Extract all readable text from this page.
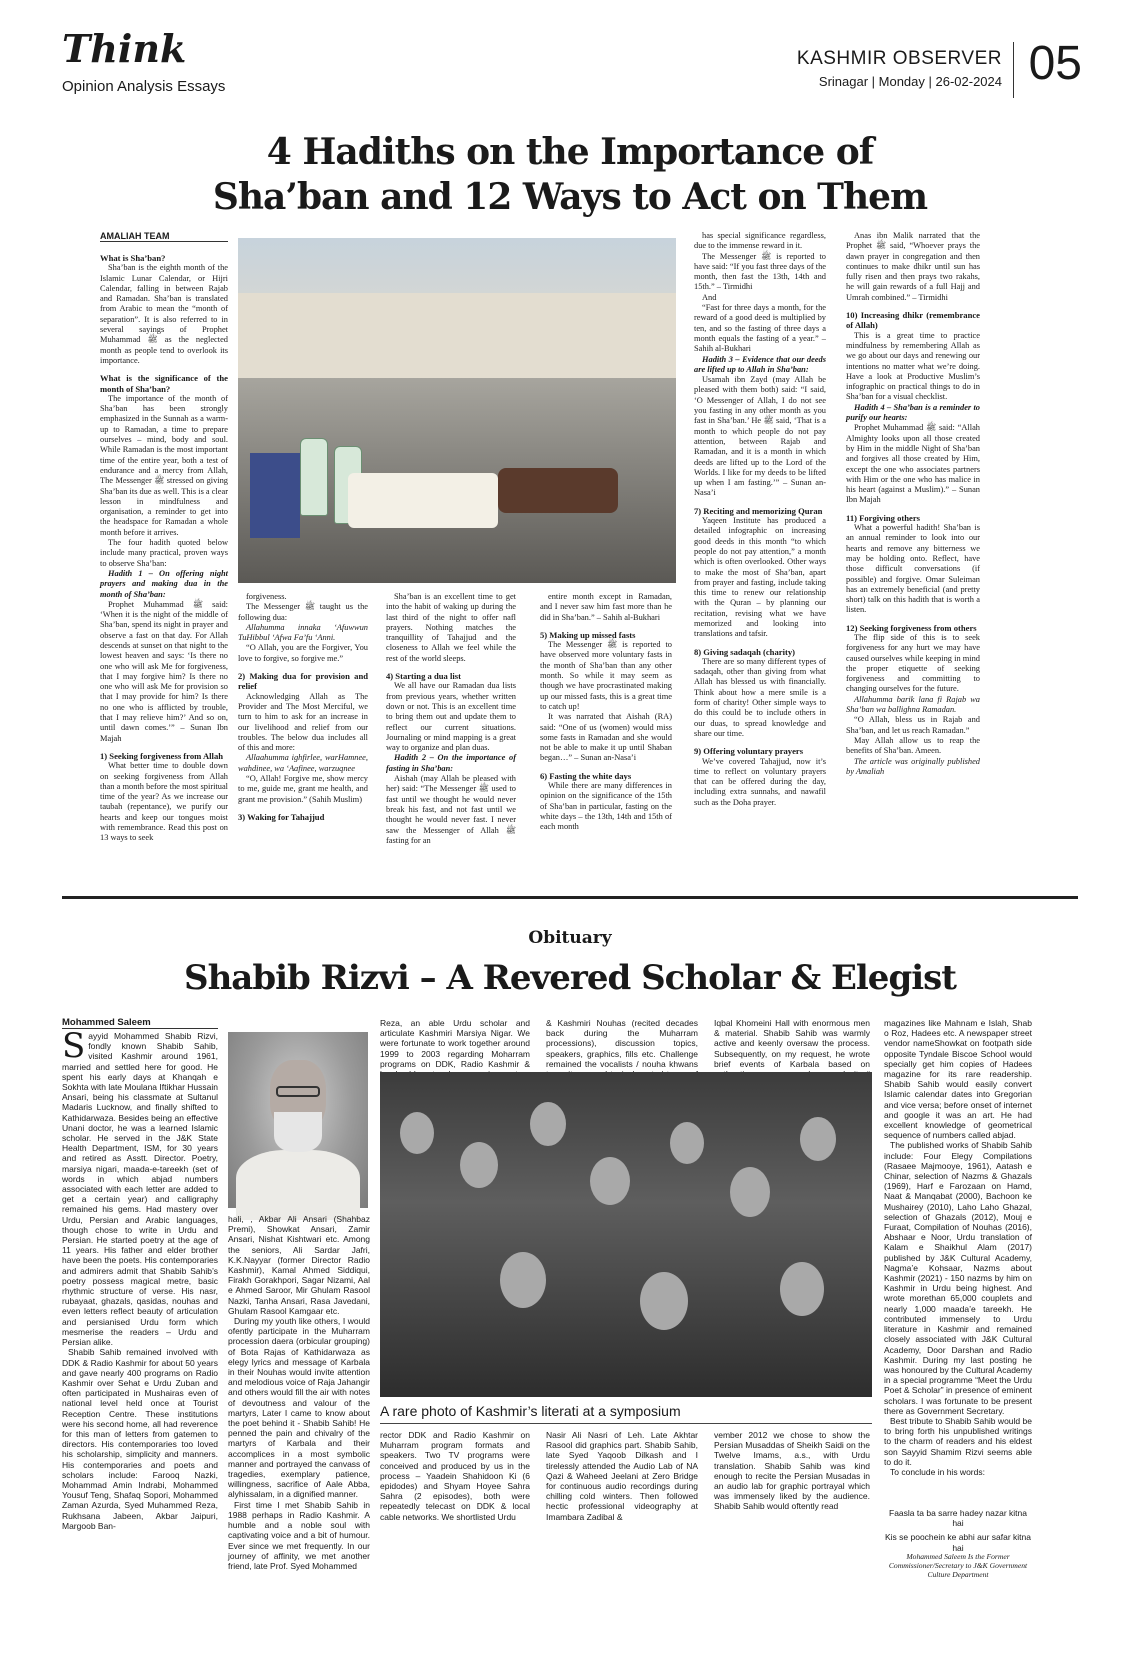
Think
Opinion Analysis Essays
KASHMIR OBSERVER
Srinagar | Monday | 26-02-2024 05
4 Hadiths on the Importance of
Sha’ban and 12 Ways to Act on Them
AMALIAH TEAM
What is Sha’ban?

Sha’ban is the eighth month of the Islamic Lunar Calendar, or Hijri Calendar, falling in between Rajab and Ramadan. Sha’ban is translated from Arabic to mean the “month of separation”. It is also referred to in several sayings of Prophet Muhammad ﷺ as the neglected month as people tend to overlook its importance.

What is the significance of the month of Sha’ban?

The importance of the month of Sha’ban has been strongly emphasized in the Sunnah as a warm-up to Ramadan, a time to prepare ourselves – mind, body and soul. While Ramadan is the most important time of the entire year, both a test of endurance and a mercy from Allah, The Messenger ﷺ stressed on giving Sha’ban its due as well. This is a clear lesson in mindfulness and organisation, a reminder to get into the headspace for Ramadan a whole month before it arrives.

The four hadith quoted below include many practical, proven ways to observe Sha’ban:

Hadith 1 – On offering night prayers and making dua in the month of Sha’ban:

Prophet Muhammad ﷺ said: ‘When it is the night of the middle of Sha’ban, spend its night in prayer and observe a fast on that day. For Allah descends at sunset on that night to the lowest heaven and says: ‘Is there no one who will ask Me for forgiveness, that I may forgive him? Is there no one who will ask Me for provision so that I may provide for him? Is there no one who is afflicted by trouble, that I may relieve him?’ And so on, until dawn comes.’” – Sunan Ibn Majah

1) Seeking forgiveness from Allah

What better time to double down on seeking forgiveness from Allah than a month before the most spiritual time of the year? As we increase our taubah (repentance), we purify our hearts and keep our tongues moist with remembrance. Read this post on 13 ways to seek

forgiveness.

The Messenger ﷺ taught us the following dua:

Allahumma innaka ‘Afuwwun TuHibbul ‘Afwa Fa’fu ‘Anni.

“O Allah, you are the Forgiver, You love to forgive, so forgive me.”

2) Making dua for provision and relief

Acknowledging Allah as The Provider and The Most Merciful, we turn to him to ask for an increase in our livelihood and relief from our troubles. The below dua includes all of this and more:

Allaahumma ighfirlee, warHamnee, wahdinee, wa ‘Aafinee, warzuqnee

“O, Allah! Forgive me, show mercy to me, guide me, grant me health, and grant me provision.” (Sahih Muslim)

3) Waking for Tahajjud

Sha’ban is an excellent time to get into the habit of waking up during the last third of the night to offer nafl prayers. Nothing matches the tranquillity of Tahajjud and the closeness to Allah we feel while the rest of the world sleeps.

4) Starting a dua list

We all have our Ramadan dua lists from previous years, whether written down or not. This is an excellent time to bring them out and update them to reflect our current situations. Journaling or mind mapping is a great way to organize and plan duas.

Hadith 2 – On the importance of fasting in Sha’ban:

Aishah (may Allah be pleased with her) said: “The Messenger ﷺ used to fast until we thought he would never break his fast, and not fast until we thought he would never fast. I never saw the Messenger of Allah ﷺ fasting for an

entire month except in Ramadan, and I never saw him fast more than he did in Sha’ban.” – Sahih al-Bukhari

5) Making up missed fasts

The Messenger ﷺ is reported to have observed more voluntary fasts in the month of Sha’ban than any other month. So while it may seem as though we have procrastinated making up our missed fasts, this is a great time to catch up!

It was narrated that Aishah (RA) said: “One of us (women) would miss some fasts in Ramadan and she would not be able to make it up until Shaban began…” – Sunan an-Nasa’i

6) Fasting the white days

While there are many differences in opinion on the significance of the 15th of Sha’ban in particular, fasting on the white days – the 13th, 14th and 15th of each month

has special significance regardless, due to the immense reward in it.

The Messenger ﷺ is reported to have said: “If you fast three days of the month, then fast the 13th, 14th and 15th.” – Tirmidhi

And

“Fast for three days a month, for the reward of a good deed is multiplied by ten, and so the fasting of three days a month equals the fasting of a year.” – Sahih al-Bukhari

Hadith 3 – Evidence that our deeds are lifted up to Allah in Sha’ban:

Usamah ibn Zayd (may Allah be pleased with them both) said: “I said, ‘O Messenger of Allah, I do not see you fasting in any other month as you fast in Sha’ban.’ He ﷺ said, ‘That is a month to which people do not pay attention, between Rajab and Ramadan, and it is a month in which deeds are lifted up to the Lord of the Worlds. I like for my deeds to be lifted up when I am fasting.’” – Sunan an-Nasa’i

7) Reciting and memorizing Quran

Yaqeen Institute has produced a detailed infographic on increasing good deeds in this month “to which people do not pay attention,” a month which is often overlooked. Other ways to make the most of Sha’ban, apart from prayer and fasting, include taking this time to renew our relationship with the Quran – by planning our recitation, revising what we have memorized and looking into translations and tafsir.

8) Giving sadaqah (charity)

There are so many different types of sadaqah, other than giving from what Allah has blessed us with financially. Think about how a mere smile is a form of charity! Other simple ways to do this could be to include others in our duas, to spread knowledge and share our time.

9) Offering voluntary prayers

We’ve covered Tahajjud, now it’s time to reflect on voluntary prayers that can be offered during the day, including extra sunnahs, and nawafil such as the Doha prayer.

Anas ibn Malik narrated that the Prophet ﷺ said, “Whoever prays the dawn prayer in congregation and then continues to make dhikr until sun has fully risen and then prays two rakahs, he will gain rewards of a full Hajj and Umrah combined.” – Tirmidhi

10) Increasing dhikr (remembrance of Allah)

This is a great time to practice mindfulness by remembering Allah as we go about our days and renewing our intentions no matter what we’re doing. Have a look at Productive Muslim’s infographic on practical things to do in Sha’ban for a visual checklist.

Hadith 4 – Sha’ban is a reminder to purify our hearts:

Prophet Muhammad ﷺ said: “Allah Almighty looks upon all those created by Him in the middle Night of Sha’ban and forgives all those created by Him, except the one who associates partners with Him or the one who has malice in his heart (against a Muslim).” – Sunan Ibn Majah

11) Forgiving others

What a powerful hadith! Sha’ban is an annual reminder to look into our hearts and remove any bitterness we may be holding onto. Reflect, have those difficult conversations (if possible) and forgive. Omar Suleiman has an extremely beneficial (and pretty short) talk on this hadith that is worth a listen.

12) Seeking forgiveness from others

The flip side of this is to seek forgiveness for any hurt we may have caused ourselves while keeping in mind the proper etiquette of seeking forgiveness and committing to changing ourselves for the future.

Allahumma barik lana fi Rajab wa Sha’ban wa ballighna Ramadan.

“O Allah, bless us in Rajab and Sha’ban, and let us reach Ramadan.”

May Allah allow us to reap the benefits of Sha’ban. Ameen.

The article was originally published by Amaliah

Obituary
Shabib Rizvi – A Revered Scholar & Elegist
Mohammed Saleem
S ayyid Mohammed Shabib Rizvi, fondly known Shabib Sahib, visited Kashmir around 1961, married and settled here for good. He spent his early days at Khanqah e Sokhta with late Moulana Iftikhar Hussain Ansari, being his classmate at Sultanul Madaris Lucknow, and finally shifted to Kathidarwaza. Besides being an effective Unani doctor, he was a learned Islamic scholar. He served in the J&K State Health Department, ISM, for 30 years and retired as Asstt. Director. Poetry, marsiya nigari, maada-e-tareekh (set of words in which abjad numbers associated with each letter are added to get a certain year) and calligraphy remained his gems. Had mastery over Urdu, Persian and Arabic languages, though chose to write in Urdu and Persian. He started poetry at the age of 11 years. His father and elder brother have been the poets. His contemporaries and admirers admit that Shabib Sahib’s poetry possess magical metre, basic rhythmic structure of verse. His nasr, rubayaat, ghazals, qasidas, nouhas and even letters reflect beauty of articulation and persianised Urdu form which mesmerise the readers – Urdu and Persian alike.

Shabib Sahib remained involved with DDK & Radio Kashmir for about 50 years and gave nearly 400 programs on Radio Kashmir over Sehat e Urdu Zuban and often participated in Mushairas even of national level held once at Tourist Reception Centre. These institutions were his second home, all had reverence for this man of letters from gatemen to directors. His contemporaries too loved his scholarship, simplicity and manners. His contemporaries and poets and scholars include: Farooq Nazki, Mohammad Amin Indrabi, Mohammed Yousuf Teng, Shafaq Sopori, Mohammed Zaman Azurda, Syed Muhammed Reza, Rukhsana Jabeen, Akbar Jaipuri, Margoob Ban-

hali, , Akbar Ali Ansari (Shahbaz Premi), Showkat Ansari, Zamir Ansari, Nishat Kishtwari etc. Among the seniors, Ali Sardar Jafri, K.K.Nayyar (former Director Radio Kashmir), Kamal Ahmed Siddiqui, Firakh Gorakhpori, Sagar Nizami, Aal e Ahmed Saroor, Mir Ghulam Rasool Nazki, Tanha Ansari, Rasa Javedani, Ghulam Rasool Kamgaar etc.

During my youth like others, I would ofently participate in the Muharram procession daera (orbicular grouping) of Bota Rajas of Kathidarwaza as elegy lyrics and message of Karbala in their Nouhas would invite attention and melodious voice of Raja Jahangir and others would fill the air with notes of devoutness and valour of the martyrs, Later I came to know about the poet behind it - Shabib Sahib! He penned the pain and chivalry of the martyrs of Karbala and their accomplices in a most symbolic manner and portrayed the canvass of tragedies, exemplary patience, willingness, sacrifice of Aale Abba, alyhissalam, in a dignified manner.

First time I met Shabib Sahib in 1988 perhaps in Radio Kashmir. A humble and a noble soul with captivating voice and a bit of humour. Ever since we met frequently. In our journey of affinity, we met another friend, late Prof. Syed Mohammed

Reza, an able Urdu scholar and articulate Kashmiri Marsiya Nigar. We were fortunate to work together around 1999 to 2003 regarding Moharram programs on DDK, Radio Kashmir &

& Kashmiri Nouhas (recited decades back during the Muharram processions), discussion topics, speakers, graphics, fills etc. Challenge remained the vocalists / nouha khwans

Iqbal Khomeini Hall with enormous men & material. Shabib Sahib was warmly active and keenly oversaw the process. Subsequently, on my request, he wrote brief events of Karbala based on

A rare photo of Kashmir’s literati at a symposium

rector DDK and Radio Kashmir on Muharram program formats and speakers. Two TV programs were conceived and produced by us in the process – Yaadein Shahidoon Ki (6 epidodes) and Shyam Hoyee Sahra Sahra (2 episodes), both were repeatedly telecast on DDK & local cable networks. We shortlisted Urdu

Nasir Ali Nasri of Leh. Late Akhtar Rasool did graphics part. Shabib Sahib, late Syed Yaqoob Dilkash and I tirelessly attended the Audio Lab of NA Qazi & Waheed Jeelani at Zero Bridge for continuous audio recordings during chilling cold winters. Then followed hectic professional videography at Imambara Zadibal &

vember 2012 we chose to show the Persian Musaddas of Sheikh Saidi on the Twelve Imams, a.s., with Urdu translation. Shabib Sahib was kind enough to recite the Persian Musadas in an audio lab for graphic portrayal which was immensely liked by the audience. Shabib Sahib would oftently read

magazines like Mahnam e Islah, Shab o Roz, Hadees etc. A newspaper street vendor nameShowkat on footpath side opposite Tyndale Biscoe School would specially get him copies of Hadees magazine for its rare readership. Shabib Sahib would easily convert Islamic calendar dates into Gregorian and vice versa; before onset of internet and google it was an art. He had excellent knowledge of geometrical sequence of numbers called abjad.

The published works of Shabib Sahib include: Four Elegy Compilations (Rasaee Majmooye, 1961), Aatash e Chinar, selection of Nazms & Ghazals (1969), Harf e Farozaan on Hamd, Naat & Manqabat (2000), Bachoon ke Mushairey (2010), Laho Laho Ghazal, selection of Ghazals (2012), Mouj e Furaat, Compilation of Nouhas (2016), Abshaar e Noor, Urdu translation of Kalam e Shaikhul Alam (2017) published by J&K Cultural Academy, Nagma’e Kohsaar, Nazms about Kashmir (2021) - 150 nazms by him on Kashmir in Urdu being highest. And wrote morethan 65,000 couplets and nearly 1,000 maada’e tareekh. He contributed immensely to Urdu literature in Kashmir and remained closely associated with J&K Cultural Academy, Door Darshan and Radio Kashmir. During my last posting he was honoured by the Cultural Academy in a special programme “Meet the Urdu Poet & Scholar” in presence of eminent scholars. I was fortunate to be present there as Government Secretary.

Best tribute to Shabib Sahib would be to bring forth his unpublished writings to the charm of readers and his eldest son Sayyid Shamim Rizvi seems able to do it.

To conclude in his words:

Faasla ta ba sarre hadey nazar kitna hai
Kis se poochein ke abhi aur safar kitna hai
Mohammed Saleem Is the Former Commissioner/Secretary to J&K Government Culture Department
